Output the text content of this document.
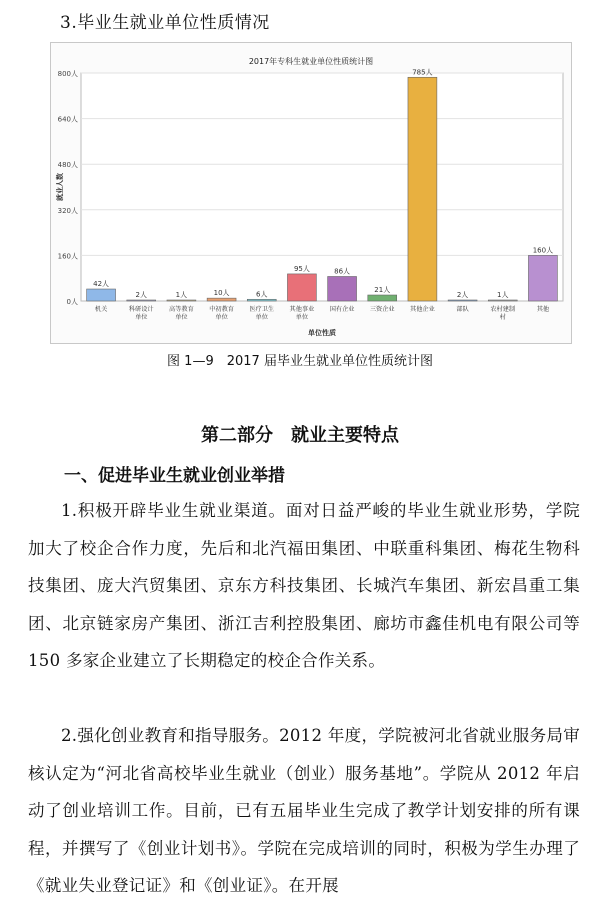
3.毕业生就业单位性质情况
2017年专科生就业单位性质统计图
0人
160人
320人
480人
640人
800人
就业人数
42人
机关
2人
科研设计
单位
1人
高等教育
单位
10人
中初教育
单位
6人
医疗卫生
单位
95人
其他事业
单位
86人
国有企业
21人
三资企业
785人
其他企业
2人
部队
1人
农村建制
村
160人
其他
单位性质
图 1—9　2017 届毕业生就业单位性质统计图
第二部分　就业主要特点
一、促进毕业生就业创业举措

1.积极开辟毕业生就业渠道。面对日益严峻的毕业生就业形势，学院加大了校企合作力度，先后和北汽福田集团、中联重科集团、梅花生物科技集团、庞大汽贸集团、京东方科技集团、长城汽车集团、新宏昌重工集团、北京链家房产集团、浙江吉利控股集团、廊坊市鑫佳机电有限公司等 150 多家企业建立了长期稳定的校企合作关系。

2.强化创业教育和指导服务。2012 年度，学院被河北省就业服务局审核认定为“河北省高校毕业生就业（创业）服务基地”。学院从 2012 年启动了创业培训工作。目前，已有五届毕业生完成了教学计划安排的所有课程，并撰写了《创业计划书》。学院在完成培训的同时，积极为学生办理了《就业失业登记证》和《创业证》。在开展
